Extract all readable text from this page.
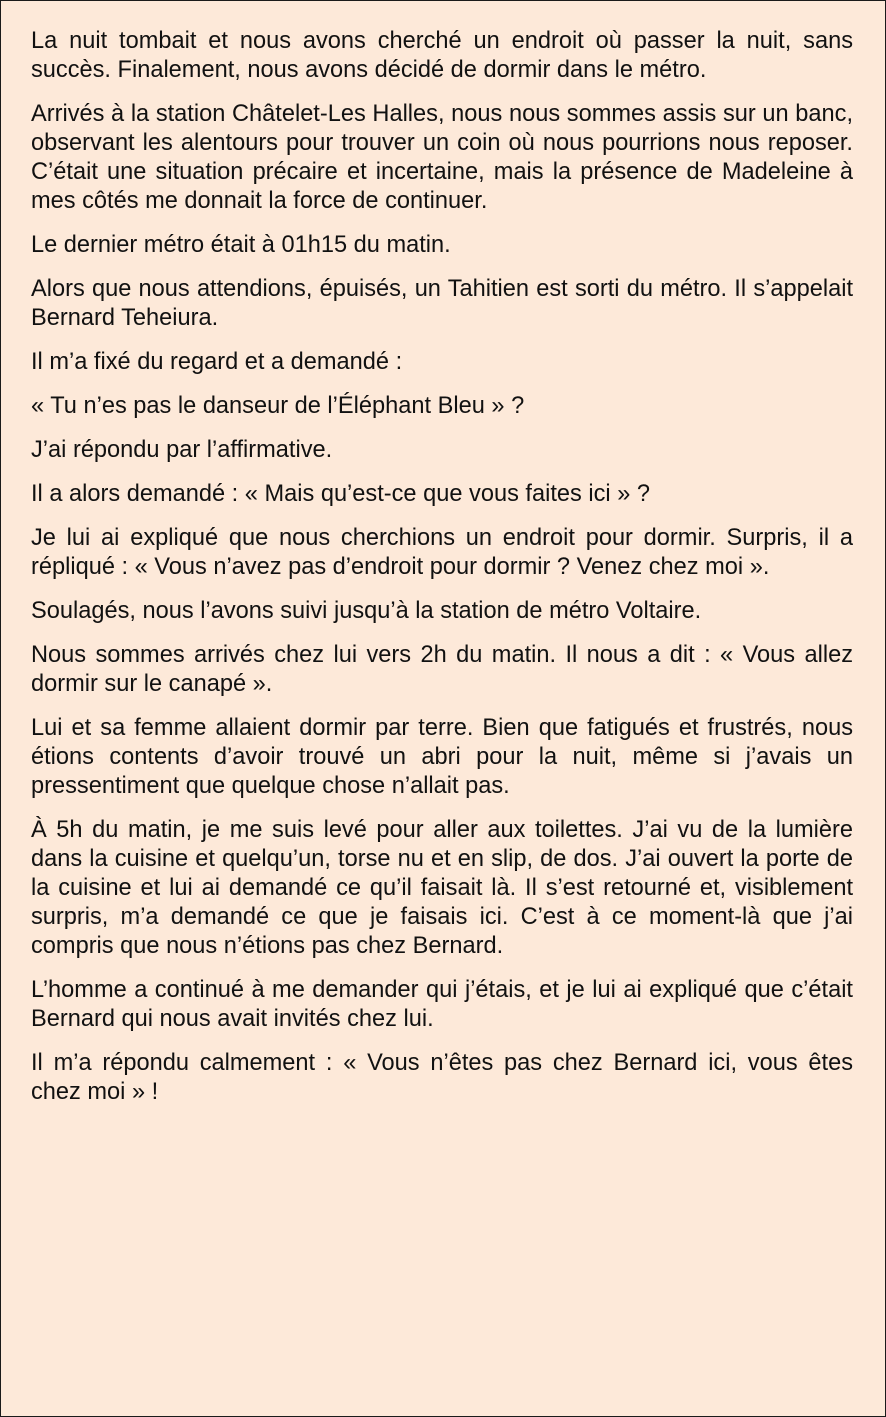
La nuit tombait et nous avons cherché un endroit où passer la nuit, sans succès. Finalement, nous avons décidé de dormir dans le métro.

Arrivés à la station Châtelet-Les Halles, nous nous sommes assis sur un banc, observant les alentours pour trouver un coin où nous pourrions nous reposer. C’était une situation précaire et incertaine, mais la présence de Madeleine à mes côtés me donnait la force de continuer.

Le dernier métro était à 01h15 du matin.

Alors que nous attendions, épuisés, un Tahitien est sorti du métro. Il s’appelait Bernard Teheiura.

Il m’a fixé du regard et a demandé :

« Tu n’es pas le danseur de l’Éléphant Bleu » ?

J’ai répondu par l’affirmative.

Il a alors demandé : « Mais qu’est-ce que vous faites ici » ?

Je lui ai expliqué que nous cherchions un endroit pour dormir. Surpris, il a répliqué : « Vous n’avez pas d’endroit pour dormir ? Venez chez moi ».

Soulagés, nous l’avons suivi jusqu’à la station de métro Voltaire.

Nous sommes arrivés chez lui vers 2h du matin. Il nous a dit : « Vous allez dormir sur le canapé ».

Lui et sa femme allaient dormir par terre. Bien que fatigués et frustrés, nous étions contents d’avoir trouvé un abri pour la nuit, même si j’avais un pressentiment que quelque chose n’allait pas.

À 5h du matin, je me suis levé pour aller aux toilettes. J’ai vu de la lumière dans la cuisine et quelqu’un, torse nu et en slip, de dos. J’ai ouvert la porte de la cuisine et lui ai demandé ce qu’il faisait là. Il s’est retourné et, visiblement surpris, m’a demandé ce que je faisais ici. C’est à ce moment-là que j’ai compris que nous n’étions pas chez Bernard.

L’homme a continué à me demander qui j’étais, et je lui ai expliqué que c’était Bernard qui nous avait invités chez lui.

Il m’a répondu calmement : « Vous n’êtes pas chez Bernard ici, vous êtes chez moi » !
